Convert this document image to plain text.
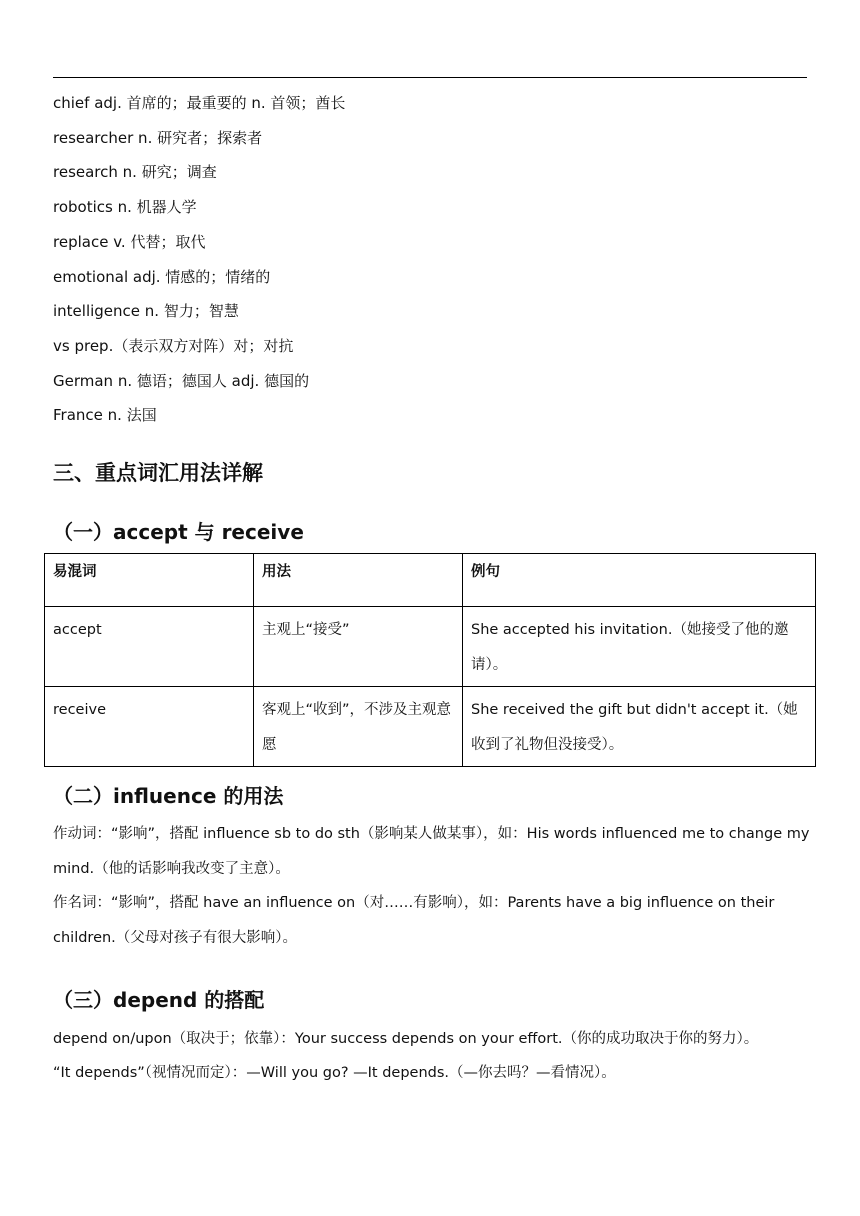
chief adj. 首席的；最重要的 n. 首领；酋长
researcher n. 研究者；探索者
research n. 研究；调查
robotics n. 机器人学
replace v. 代替；取代
emotional adj. 情感的；情绪的
intelligence n. 智力；智慧
vs prep.（表示双方对阵）对；对抗
German n. 德语；德国人 adj. 德国的
France n. 法国
三、重点词汇用法详解
（一）accept 与 receive
易混词	用法	例句
accept	主观上“接受”	She accepted his invitation.（她接受了他的邀请）。
receive	客观上“收到”，不涉及主观意愿	She received the gift but didn't accept it.（她收到了礼物但没接受）。
（二）influence 的用法
作动词：“影响”，搭配 influence sb to do sth（影响某人做某事），如：His words influenced me to change my mind.（他的话影响我改变了主意）。
作名词：“影响”，搭配 have an influence on（对……有影响），如：Parents have a big influence on their children.（父母对孩子有很大影响）。
（三）depend 的搭配
depend on/upon（取决于；依靠）：Your success depends on your effort.（你的成功取决于你的努力）。
“It depends”（视情况而定）：—Will you go? —It depends.（—你去吗？—看情况）。
